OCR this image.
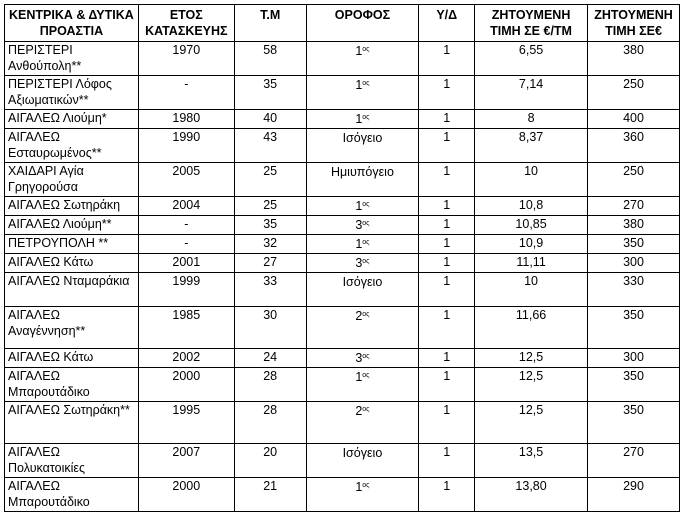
ΚΕΝΤΡΙΚΑ & ΔΥΤΙΚΑ ΠΡΟΑΣΤΙΑ	ΕΤΟΣ ΚΑΤΑΣΚΕΥΗΣ	Τ.Μ	ΟΡΟΦΟΣ	Υ/Δ	ΖΗΤΟΥΜΕΝΗ ΤΙΜΗ ΣΕ €/ΤΜ	ΖΗΤΟΥΜΕΝΗ ΤΙΜΗ ΣΕ€
ΠΕΡΙΣΤΕΡΙ Ανθούπολη**	1970	58	$1^{o\varsigma}$	1	6,55	380
ΠΕΡΙΣΤΕΡΙ Λόφος Αξιωματικών**	-	35	$1^{o\varsigma}$	1	7,14	250
ΑΙΓΑΛΕΩ Λιούμη*	1980	40	$1^{o\varsigma}$	1	8	400
ΑΙΓΑΛΕΩ Εσταυρωμένος**	1990	43	Ισόγειο	1	8,37	360
ΧΑΙΔΑΡΙ Αγία Γρηγορούσα	2005	25	Ημιυπόγειο	1	10	250
ΑΙΓΑΛΕΩ Σωτηράκη	2004	25	$1^{o\varsigma}$	1	10,8	270
ΑΙΓΑΛΕΩ Λιούμη**	-	35	$3^{o\varsigma}$	1	10,85	380
ΠΕΤΡΟΥΠΟΛΗ **	-	32	$1^{o\varsigma}$	1	10,9	350
ΑΙΓΑΛΕΩ Κάτω	2001	27	$3^{o\varsigma}$	1	11,11	300
ΑΙΓΑΛΕΩ Νταμαράκια	1999	33	Ισόγειο	1	10	330
ΑΙΓΑΛΕΩ Αναγέννηση**	1985	30	$2^{o\varsigma}$	1	11,66	350
ΑΙΓΑΛΕΩ Κάτω	2002	24	$3^{o\varsigma}$	1	12,5	300
ΑΙΓΑΛΕΩ Μπαρουτάδικο	2000	28	$1^{o\varsigma}$	1	12,5	350
ΑΙΓΑΛΕΩ Σωτηράκη**	1995	28	$2^{o\varsigma}$	1	12,5	350
ΑΙΓΑΛΕΩ Πολυκατοικίες	2007	20	Ισόγειο	1	13,5	270
ΑΙΓΑΛΕΩ Μπαρουτάδικο	2000	21	$1^{o\varsigma}$	1	13,80	290
